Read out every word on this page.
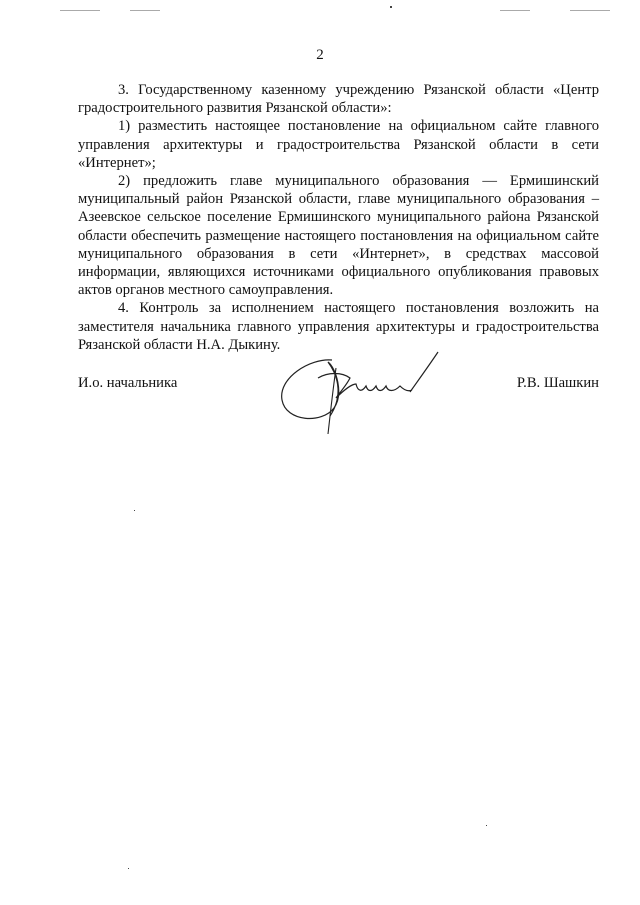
2

3. Государственному казенному учреждению Рязанской области «Центр градостроительного развития Рязанской области»:

1) разместить настоящее постановление на официальном сайте главного управления архитектуры и градостроительства Рязанской области в сети «Интернет»;

2) предложить главе муниципального образования — Ермишинский муниципальный район Рязанской области, главе муниципального образования – Азеевское сельское поселение Ермишинского муниципального района Рязанской области обеспечить размещение настоящего постановления на официальном сайте муниципального образования в сети «Интернет», в средствах массовой информации, являющихся источниками официального опубликования правовых актов органов местного самоуправления.

4. Контроль за исполнением настоящего постановления возложить на заместителя начальника главного управления архитектуры и градостроительства Рязанской области Н.А. Дыкину.

И.о. начальника	Р.В. Шашкин
